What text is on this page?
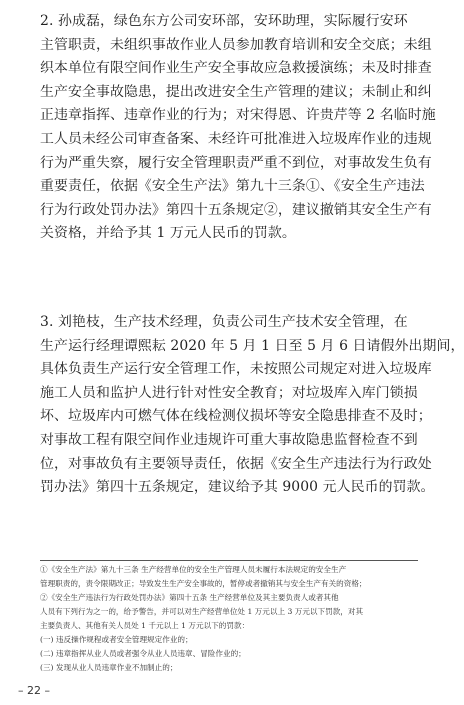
2. 孙成磊，绿色东方公司安环部，安环助理，实际履行安环
主管职责，未组织事故作业人员参加教育培训和安全交底；未组
织本单位有限空间作业生产安全事故应急救援演练；未及时排查
生产安全事故隐患，提出改进安全生产管理的建议；未制止和纠
正违章指挥、违章作业的行为；对宋得恩、许贵芹等 2 名临时施
工人员未经公司审查备案、未经许可批准进入垃圾库作业的违规
行为严重失察，履行安全管理职责严重不到位，对事故发生负有
重要责任，依据《安全生产法》第九十三条①、《安全生产违法
行为行政处罚办法》第四十五条规定②，建议撤销其安全生产有
关资格，并给予其 1 万元人民币的罚款。
3. 刘艳枝，生产技术经理，负责公司生产技术安全管理，在
生产运行经理谭熙耘 2020 年 5 月 1 日至 5 月 6 日请假外出期间，
具体负责生产运行安全管理工作，未按照公司规定对进入垃圾库
施工人员和监护人进行针对性安全教育；对垃圾库入库门锁损
坏、垃圾库内可燃气体在线检测仪损坏等安全隐患排查不及时；
对事故工程有限空间作业违规许可重大事故隐患监督检查不到
位，对事故负有主要领导责任，依据《安全生产违法行为行政处
罚办法》第四十五条规定，建议给予其 9000 元人民币的罚款。
①《安全生产法》第九十三条 生产经营单位的安全生产管理人员未履行本法规定的安全生产
管理职责的，责令限期改正；导致发生生产安全事故的，暂停或者撤销其与安全生产有关的资格；
②《安全生产违法行为行政处罚办法》第四十五条 生产经营单位及其主要负责人或者其他
人员有下列行为之一的，给予警告，并可以对生产经营单位处 1 万元以上 3 万元以下罚款，对其
主要负责人、其他有关人员处 1 千元以上 1 万元以下的罚款：
(一) 违反操作规程或者安全管理规定作业的；
(二) 违章指挥从业人员或者强令从业人员违章、冒险作业的；
(三) 发现从业人员违章作业不加制止的；
– 22 –
